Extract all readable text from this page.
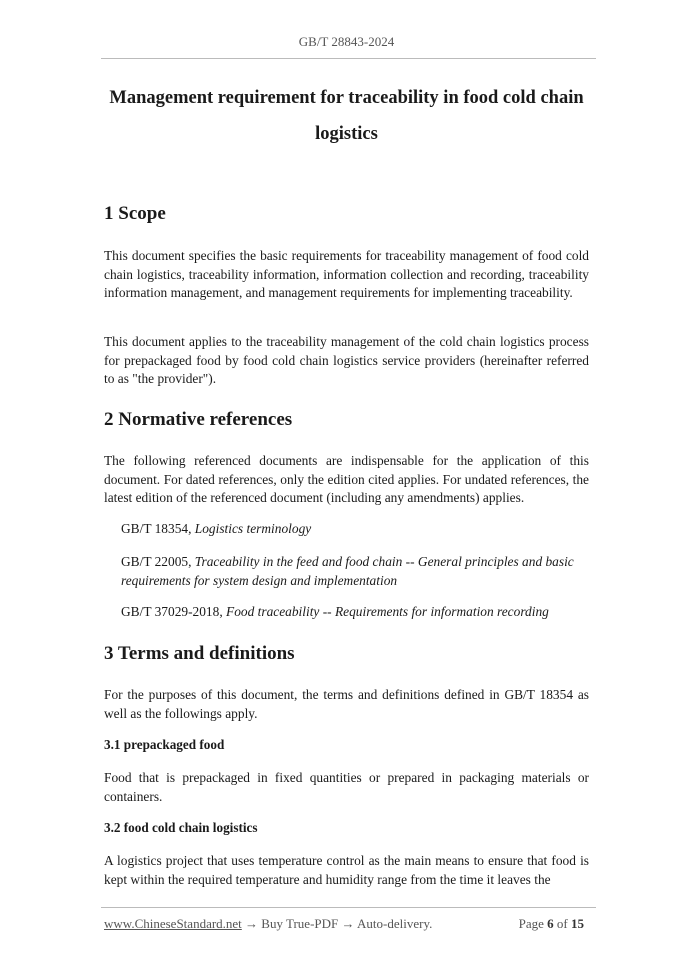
GB/T 28843-2024
Management requirement for traceability in food cold chain
logistics
1 Scope

This document specifies the basic requirements for traceability management of food cold chain logistics, traceability information, information collection and recording, traceability information management, and management requirements for implementing traceability.

This document applies to the traceability management of the cold chain logistics process for prepackaged food by food cold chain logistics service providers (hereinafter referred to as "the provider").

2 Normative references

The following referenced documents are indispensable for the application of this document. For dated references, only the edition cited applies. For undated references, the latest edition of the referenced document (including any amendments) applies.

GB/T 18354, Logistics terminology

GB/T 22005, Traceability in the feed and food chain -- General principles and basic requirements for system design and implementation

GB/T 37029-2018, Food traceability -- Requirements for information recording

3 Terms and definitions

For the purposes of this document, the terms and definitions defined in GB/T 18354 as well as the followings apply.

3.1 prepackaged food

Food that is prepackaged in fixed quantities or prepared in packaging materials or containers.

3.2 food cold chain logistics

A logistics project that uses temperature control as the main means to ensure that food is kept within the required temperature and humidity range from the time it leaves the

www.ChineseStandard.net → Buy True-PDF → Auto-delivery.	Page 6 of 15
